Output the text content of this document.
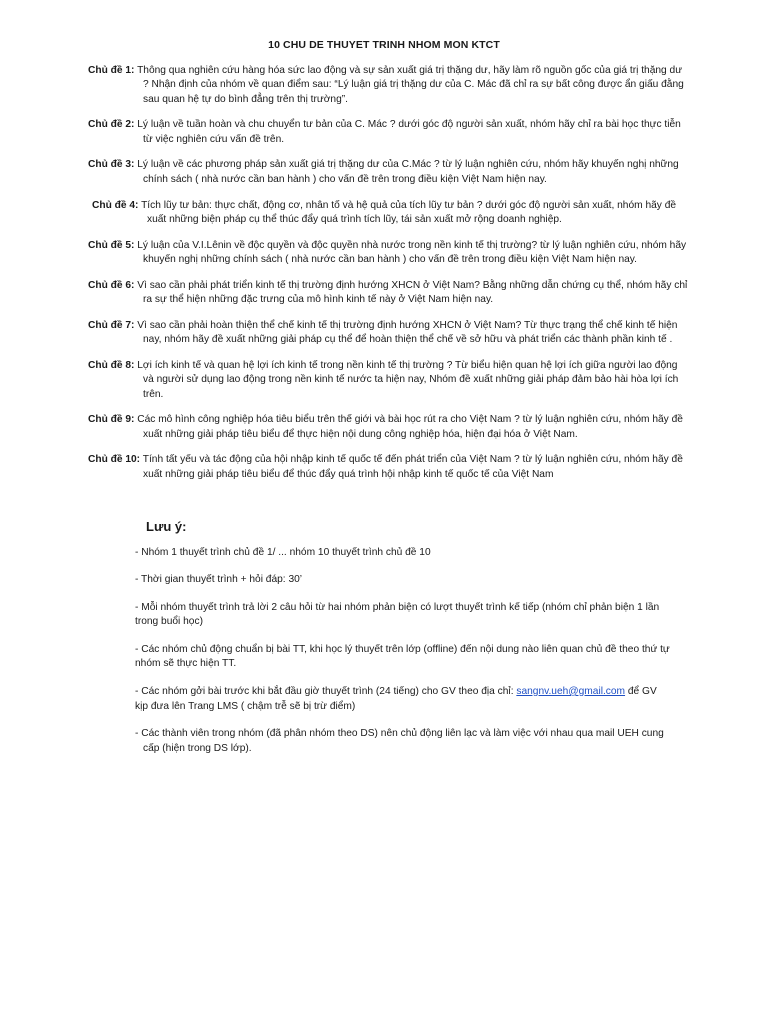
10 CHU DE THUYET TRINH NHOM MON KTCT
Chủ đề 1: Thông qua nghiên cứu hàng hóa sức lao động và sự sản xuất giá trị thặng dư, hãy làm rõ nguồn gốc của giá trị thặng dư ? Nhận định của nhóm về quan điểm sau: “Lý luận giá trị thặng dư của C. Mác đã chỉ ra sự bất công được ẩn giấu đằng sau quan hệ tự do bình đẳng trên thị trường”.
Chủ đề 2: Lý luận về tuần hoàn và chu chuyển tư bản của C. Mác ? dưới góc độ người sản xuất, nhóm hãy chỉ ra bài học thực tiễn từ việc nghiên cứu vấn đề trên.
Chủ đề 3: Lý luận về các phương pháp sản xuất giá trị thặng dư của C.Mác ? từ lý luận nghiên cứu, nhóm hãy khuyến nghị những chính sách ( nhà nước cần ban hành ) cho vấn đề trên trong điều kiện Việt Nam hiện nay.
Chủ đề 4: Tích lũy tư bản: thực chất, động cơ, nhân tố và hệ quả của tích lũy tư bản ? dưới góc độ người sản xuất, nhóm hãy đề xuất những biện pháp cụ thể thúc đẩy quá trình tích lũy, tái sản xuất mở rộng doanh nghiệp.
Chủ đề 5: Lý luận của V.I.Lênin về độc quyền và độc quyền nhà nước trong nền kinh tế thị trường? từ lý luận nghiên cứu, nhóm hãy khuyến nghị những chính sách ( nhà nước cần ban hành ) cho vấn đề trên trong điều kiện Việt Nam hiện nay.
Chủ đề 6: Vì sao cần phải phát triển kinh tế thị trường định hướng XHCN ở Việt Nam? Bằng những dẫn chứng cụ thể, nhóm hãy chỉ ra sự thể hiện những đặc trưng của mô hình kinh tế này ở Việt Nam hiện nay.
Chủ đề 7: Vì sao cần phải hoàn thiện thể chế kinh tế thị trường định hướng XHCN ở Việt Nam? Từ thực trạng thể chế kinh tế hiện nay, nhóm hãy đề xuất những giải pháp cụ thể để hoàn thiện thể chế về sở hữu và phát triển các thành phần kinh tế .
Chủ đề 8: Lợi ích kinh tế và quan hệ lợi ích kinh tế trong nền kinh tế thị trường ? Từ biểu hiện quan hệ lợi ích giữa người lao động và người sử dụng lao động trong nền kinh tế nước ta hiện nay, Nhóm đề xuất những giải pháp đảm bảo hài hòa lợi ích trên.
Chủ đề 9: Các mô hình công nghiệp hóa tiêu biểu trên thế giới và bài học rút ra cho Việt Nam ? từ lý luận nghiên cứu, nhóm hãy đề xuất những giải pháp tiêu biểu để thực hiện nội dung công nghiệp hóa, hiện đại hóa ở Việt Nam.
Chủ đề 10: Tính tất yếu và tác động của hội nhập kinh tế quốc tế đến phát triển của Việt Nam ? từ lý luận nghiên cứu, nhóm hãy đề xuất những giải pháp tiêu biểu để thúc đẩy quá trình hội nhập kinh tế quốc tế của Việt Nam
Lưu ý:
- Nhóm 1 thuyết trình chủ đề 1/ ... nhóm 10 thuyết trình chủ đề 10
- Thời gian thuyết trình + hỏi đáp: 30’
- Mỗi nhóm thuyết trình trả lời 2 câu hỏi từ hai nhóm phản biện có lượt thuyết trình kế tiếp (nhóm chỉ phản biện 1 lần trong buổi học)
- Các nhóm chủ động chuẩn bị bài TT, khi học lý thuyết trên lớp (offline) đến nội dung nào liên quan chủ đề theo thứ tự nhóm sẽ thực hiện TT.
- Các nhóm gởi bài trước khi bắt đầu giờ thuyết trình (24 tiếng) cho GV theo địa chỉ: sangnv.ueh@gmail.com để GV kịp đưa lên Trang LMS ( chậm trễ sẽ bị trừ điểm)
- Các thành viên trong nhóm (đã phân nhóm theo DS) nên chủ động liên lạc và làm việc với nhau qua mail UEH cung cấp (hiện trong DS lớp).
